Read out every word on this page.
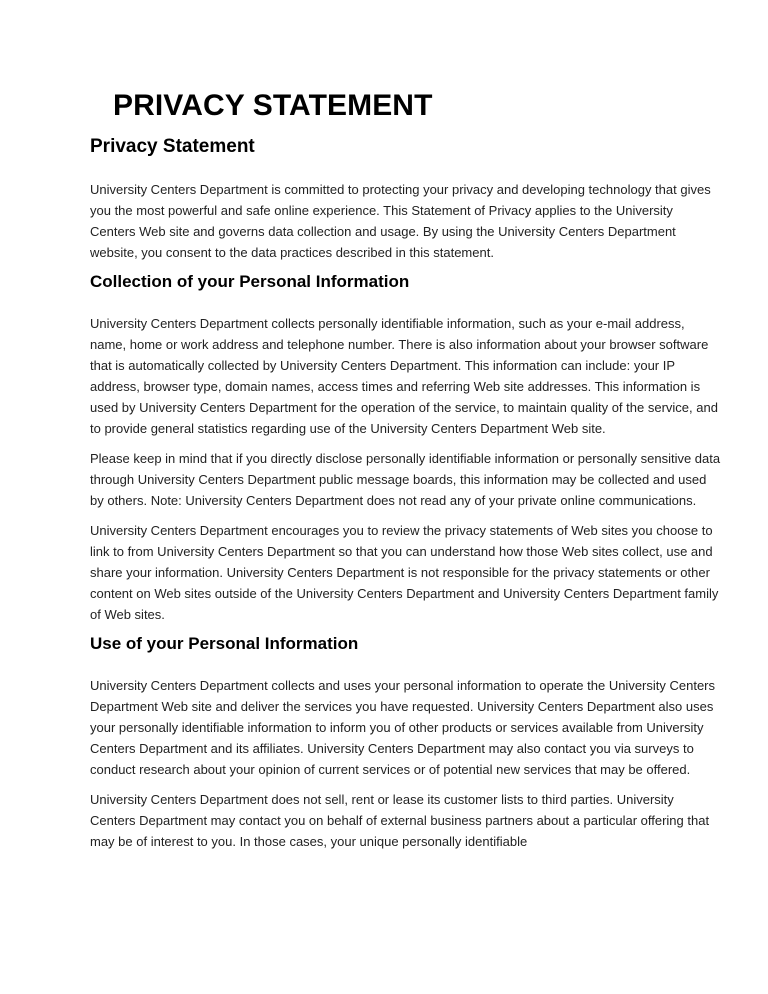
PRIVACY STATEMENT
Privacy Statement

University Centers Department is committed to protecting your privacy and developing technology that gives you the most powerful and safe online experience. This Statement of Privacy applies to the University Centers Web site and governs data collection and usage. By using the University Centers Department website, you consent to the data practices described in this statement.

Collection of your Personal Information

University Centers Department collects personally identifiable information, such as your e-mail address, name, home or work address and telephone number. There is also information about your browser software that is automatically collected by University Centers Department. This information can include: your IP address, browser type, domain names, access times and referring Web site addresses. This information is used by University Centers Department for the operation of the service, to maintain quality of the service, and to provide general statistics regarding use of the University Centers Department Web site.

Please keep in mind that if you directly disclose personally identifiable information or personally sensitive data through University Centers Department public message boards, this information may be collected and used by others. Note: University Centers Department does not read any of your private online communications.

University Centers Department encourages you to review the privacy statements of Web sites you choose to link to from University Centers Department so that you can understand how those Web sites collect, use and share your information. University Centers Department is not responsible for the privacy statements or other content on Web sites outside of the University Centers Department and University Centers Department family of Web sites.

Use of your Personal Information

University Centers Department collects and uses your personal information to operate the University Centers Department Web site and deliver the services you have requested. University Centers Department also uses your personally identifiable information to inform you of other products or services available from University Centers Department and its affiliates. University Centers Department may also contact you via surveys to conduct research about your opinion of current services or of potential new services that may be offered.

University Centers Department does not sell, rent or lease its customer lists to third parties. University Centers Department may contact you on behalf of external business partners about a particular offering that may be of interest to you. In those cases, your unique personally identifiable
